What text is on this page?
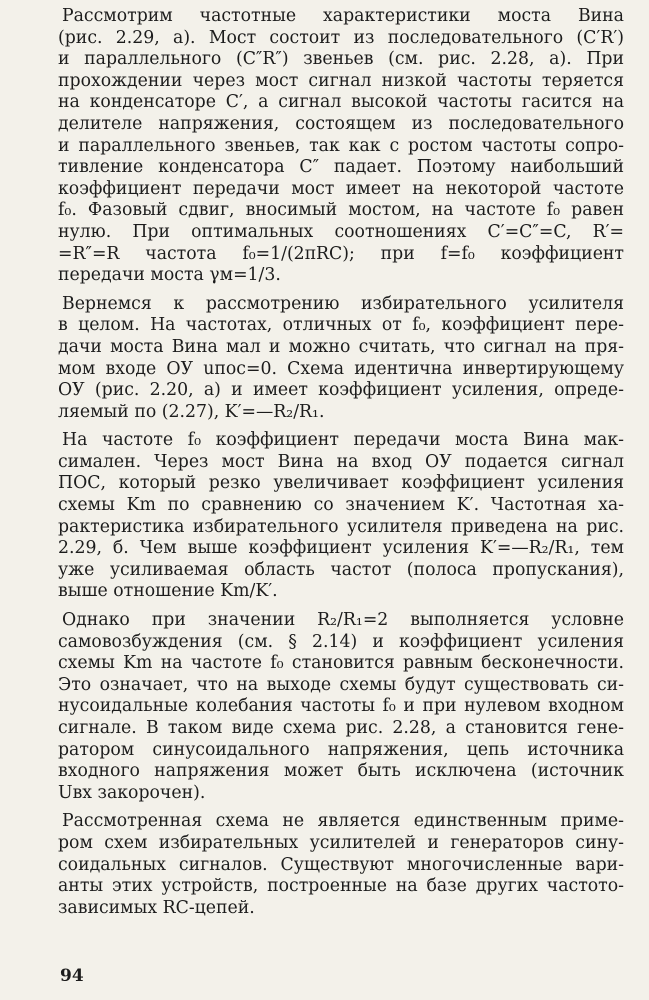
Рассмотрим частотные характеристики моста Вина
(рис. 2.29, а). Мост состоит из последовательного (C′R′)
и параллельного (C″R″) звеньев (см. рис. 2.28, а). При
прохождении через мост сигнал низкой частоты теряется
на конденсаторе C′, а сигнал высокой частоты гасится на
делителе напряжения, состоящем из последовательного
и параллельного звеньев, так как с ростом частоты сопро-
тивление конденсатора C″ падает. Поэтому наибольший
коэффициент передачи мост имеет на некоторой частоте
f₀. Фазовый сдвиг, вносимый мостом, на частоте f₀ равен
нулю. При оптимальных соотношениях C′=C″=C, R′=
=R″=R частота f₀=1/(2πRC); при f=f₀ коэффициент
передачи моста γм=1/3.

Вернемся к рассмотрению избирательного усилителя
в целом. На частотах, отличных от f₀, коэффициент пере-
дачи моста Вина мал и можно считать, что сигнал на пря-
мом входе ОУ uпос=0. Схема идентична инвертирующему
ОУ (рис. 2.20, а) и имеет коэффициент усиления, опреде-
ляемый по (2.27), K′=—R₂/R₁.

На частоте f₀ коэффициент передачи моста Вина мак-
симален. Через мост Вина на вход ОУ подается сигнал
ПОС, который резко увеличивает коэффициент усиления
схемы Km по сравнению со значением K′. Частотная ха-
рактеристика избирательного усилителя приведена на рис.
2.29, б. Чем выше коэффициент усиления K′=—R₂/R₁, тем
уже усиливаемая область частот (полоса пропускания),
выше отношение Km/K′.

Однако при значении R₂/R₁=2 выполняется условне
самовозбуждения (см. § 2.14) и коэффициент усиления
схемы Km на частоте f₀ становится равным бесконечности.
Это означает, что на выходе схемы будут существовать си-
нусоидальные колебания частоты f₀ и при нулевом входном
сигнале. В таком виде схема рис. 2.28, а становится гене-
ратором синусоидального напряжения, цепь источника
входного напряжения может быть исключена (источник
Uвх закорочен).

Рассмотренная схема не является единственным приме-
ром схем избирательных усилителей и генераторов сину-
соидальных сигналов. Существуют многочисленные вари-
анты этих устройств, построенные на базе других частото-
зависимых RC-цепей.

94
